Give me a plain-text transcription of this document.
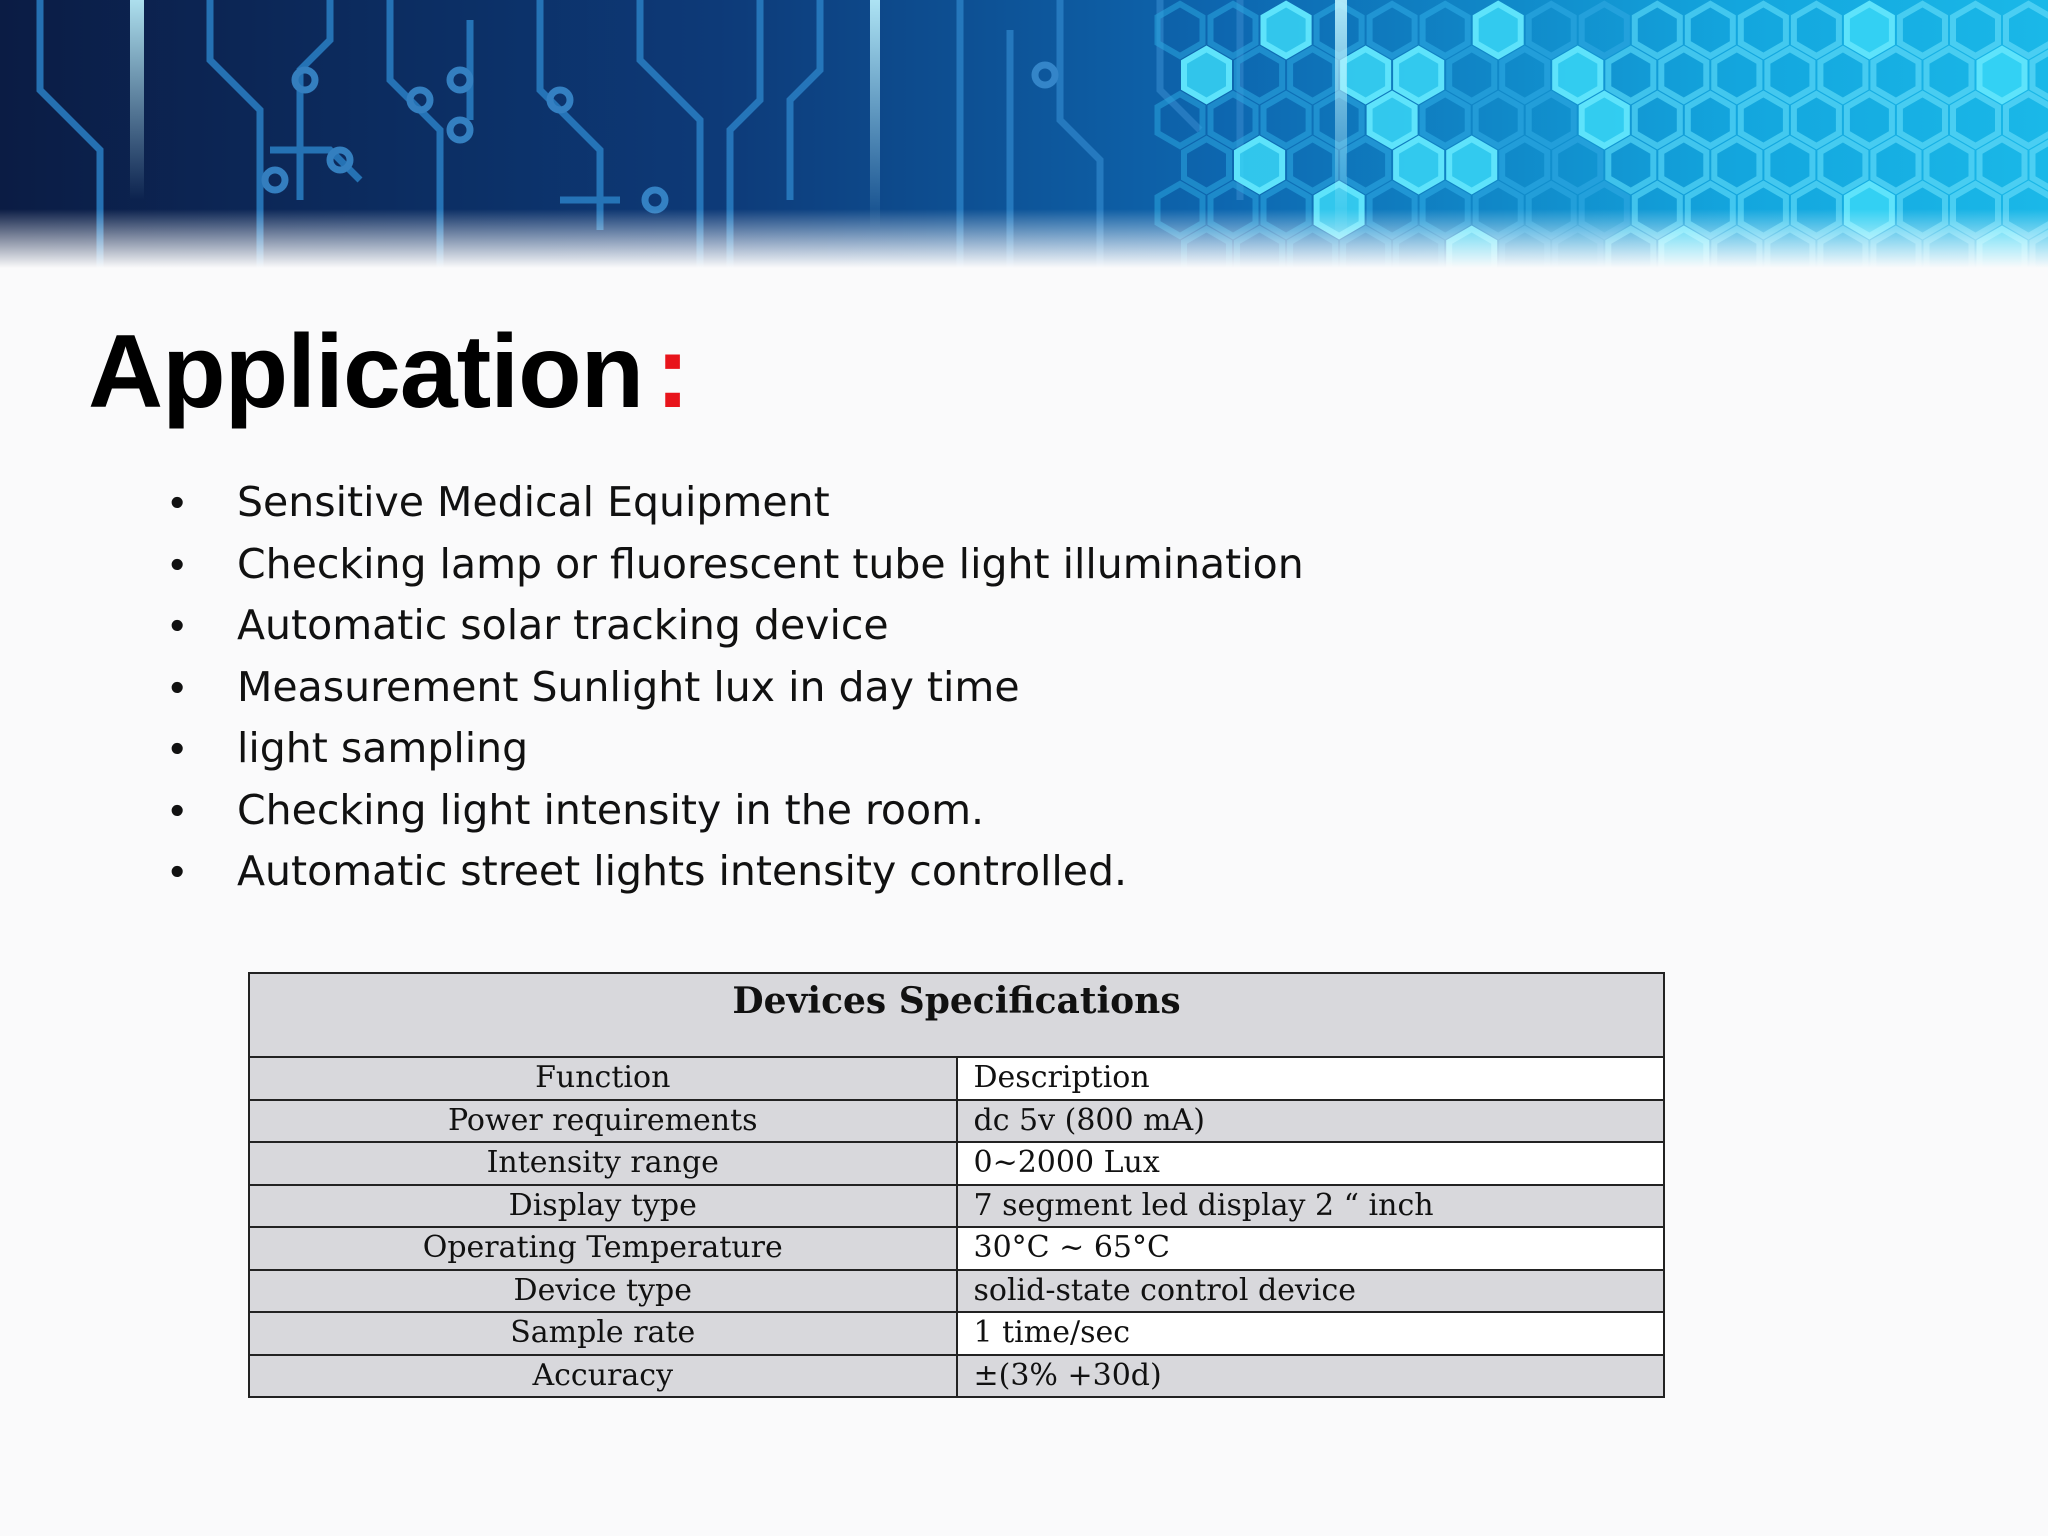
Application :
•	Sensitive Medical Equipment
•	Checking lamp or fluorescent tube light illumination
•	Automatic solar tracking device
•	Measurement Sunlight lux in day time
•	light sampling
•	Checking light intensity in the room.
•	Automatic street lights intensity controlled.
Devices Specifications	
Function	Description
Power requirements	dc 5v (800 mA)
Intensity range	0~2000 Lux
Display type	7 segment led display 2 “ inch
Operating Temperature	30°C ~ 65°C
Device type	solid-state control device
Sample rate	1 time/sec
Accuracy	±(3% +30d)
